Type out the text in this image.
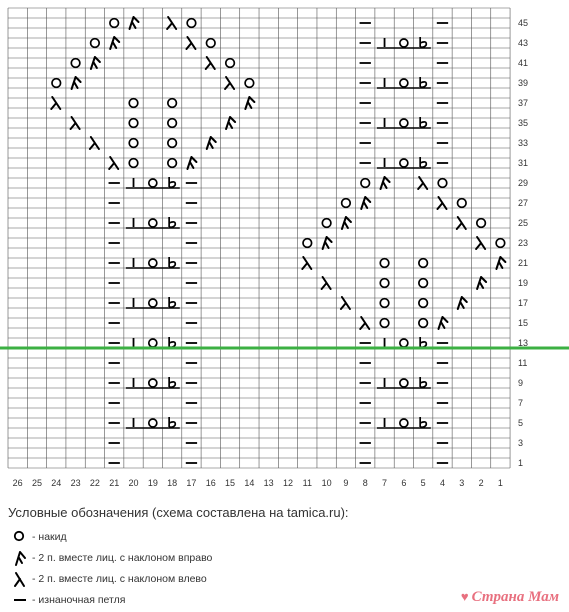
1
3
5
7
9
11
13
15
17
19
21
23
25
27
29
31
33
35
37
39
41
43
45
26 25 24 23 22 21 20 19 18 17 16 15 14 13 12 11 10 9 8 7 6 5 4 3 2 1
Условные обозначения (схема составлена на tamica.ru):
- накид
- 2 п. вместе лиц. с наклоном вправо
- 2 п. вместе лиц. с наклоном влево
- изнаночная петля	♥ Страна Мам
